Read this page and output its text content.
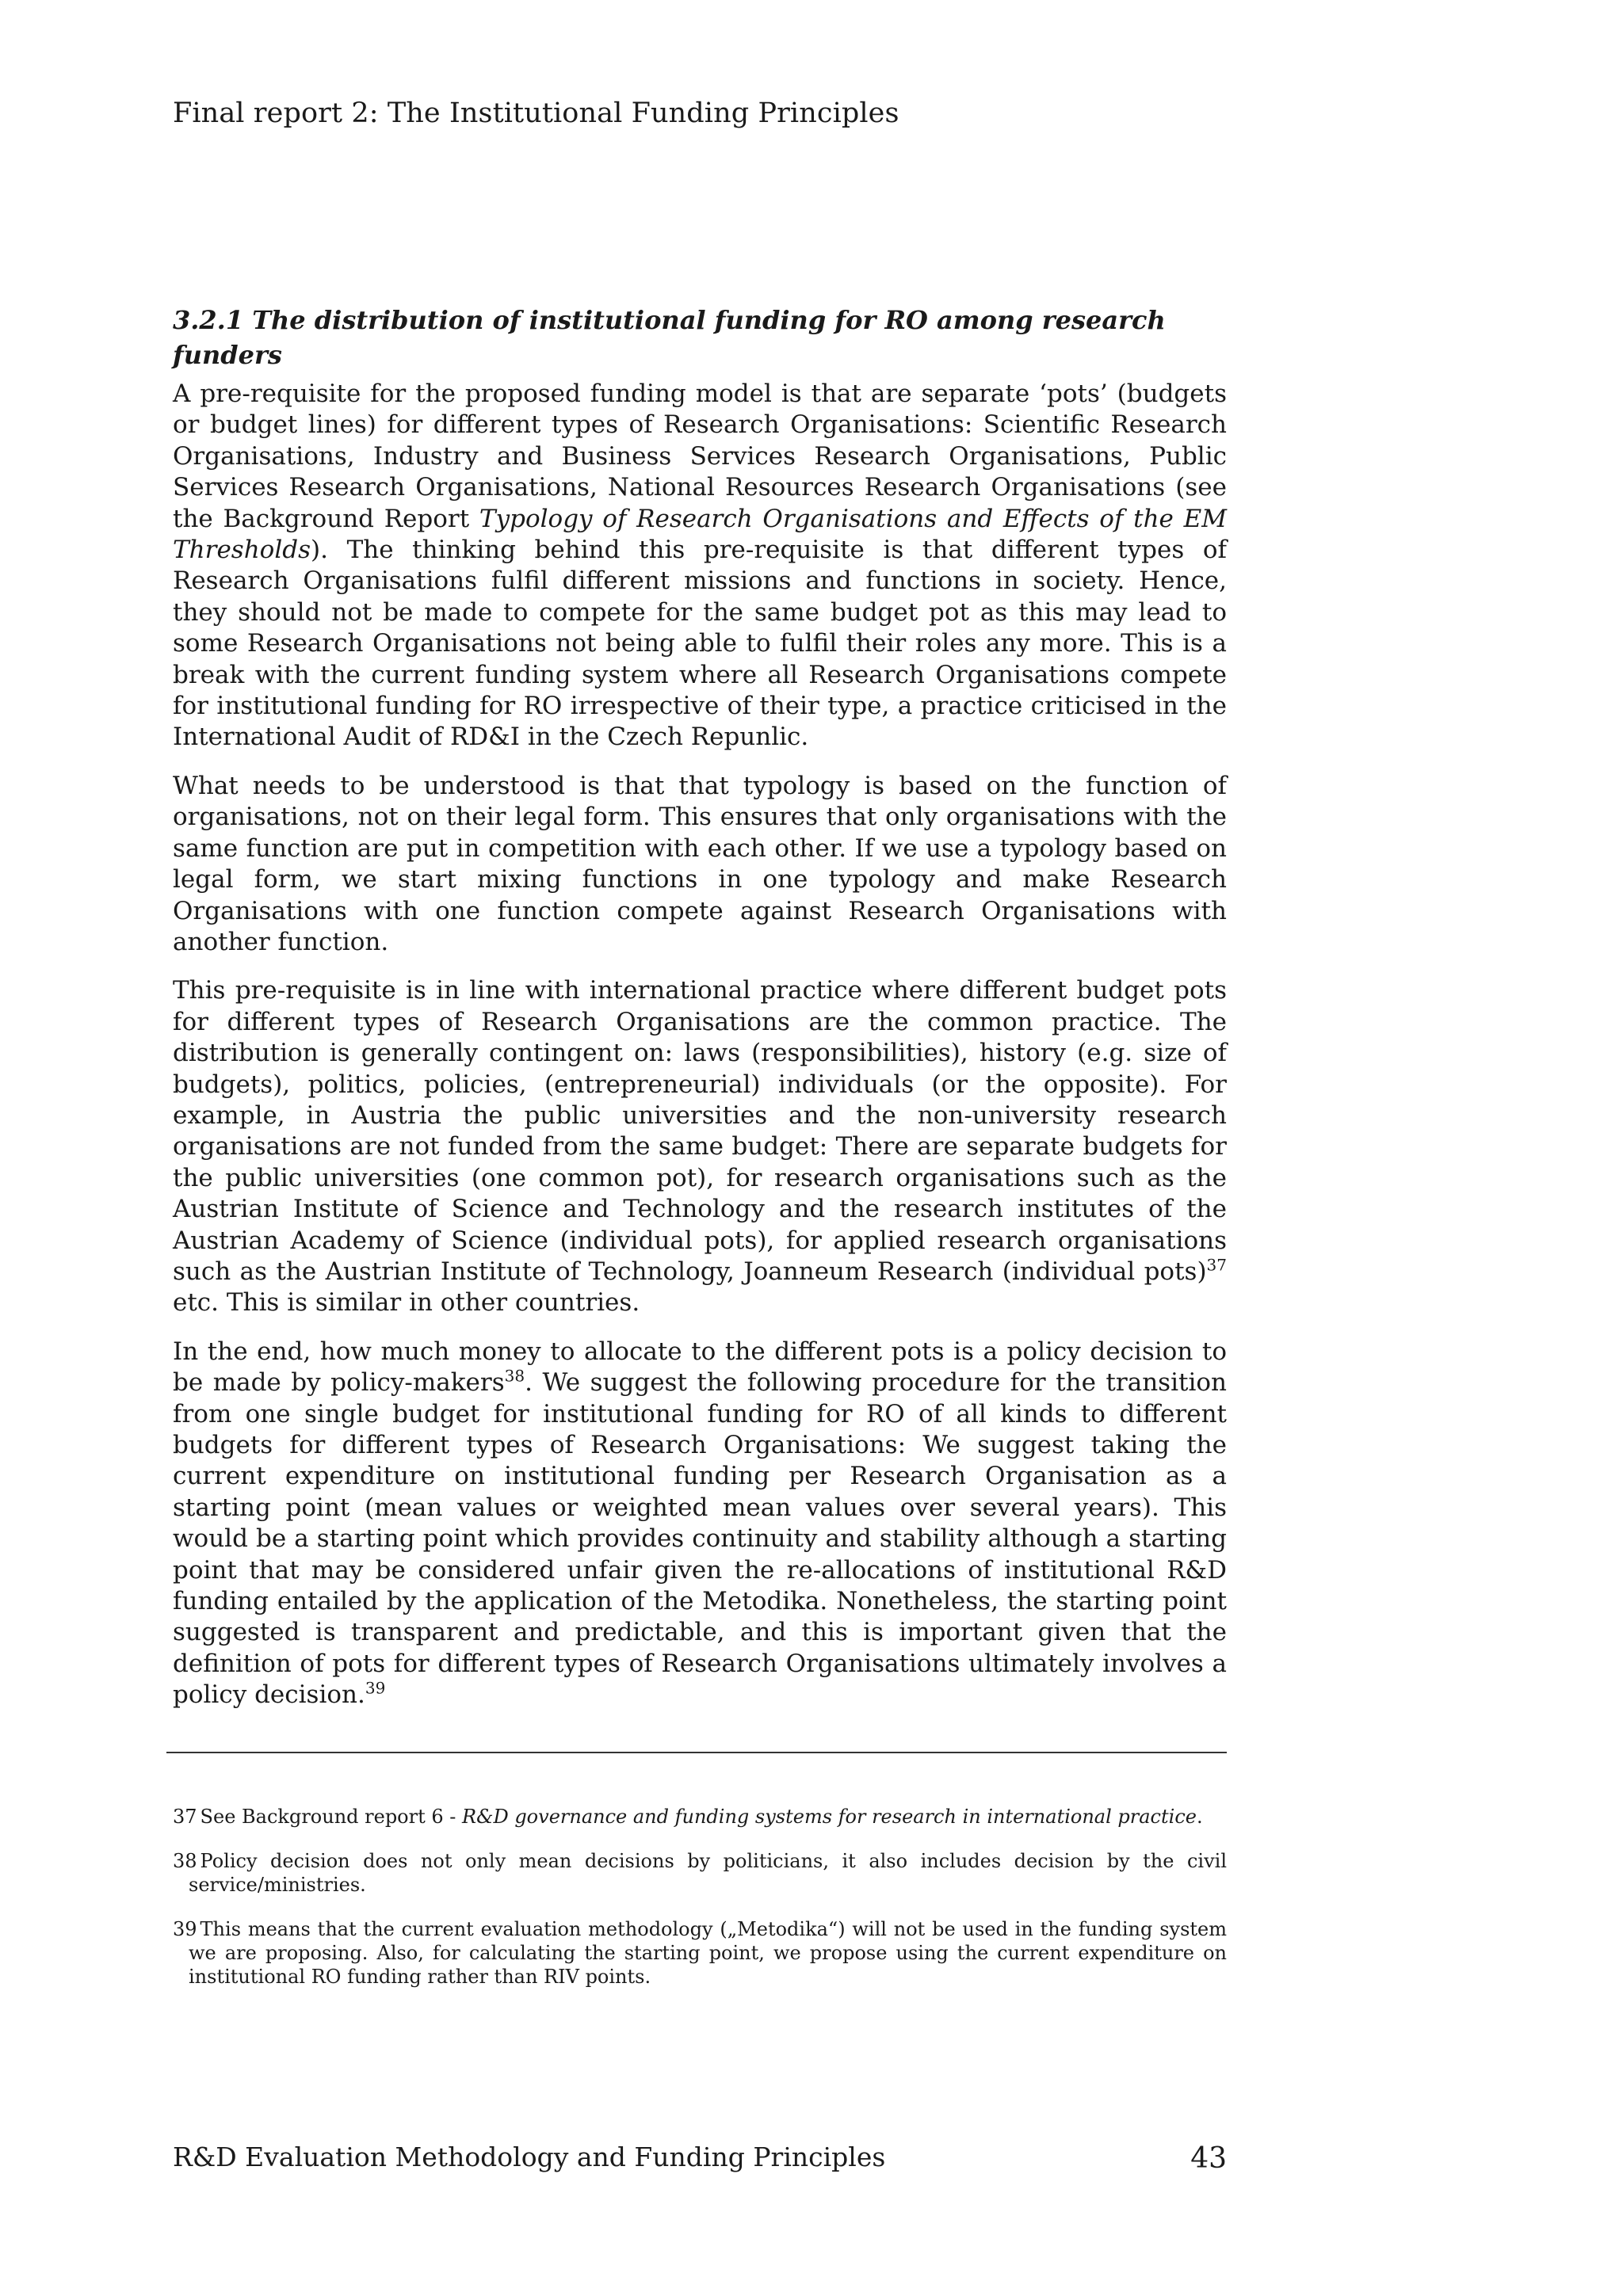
Final report 2: The Institutional Funding Principles
3.2.1 The distribution of institutional funding for RO among research funders

A pre-requisite for the proposed funding model is that are separate ‘pots’ (budgets or budget lines) for different types of Research Organisations: Scientific Research Organisations, Industry and Business Services Research Organisations, Public Services Research Organisations, National Resources Research Organisations (see the Background Report Typology of Research Organisations and Effects of the EM Thresholds). The thinking behind this pre-requisite is that different types of Research Organisations fulfil different missions and functions in society. Hence, they should not be made to compete for the same budget pot as this may lead to some Research Organisations not being able to fulfil their roles any more. This is a break with the current funding system where all Research Organisations compete for institutional funding for RO irrespective of their type, a practice criticised in the International Audit of RD&I in the Czech Repunlic.

What needs to be understood is that that typology is based on the function of organisations, not on their legal form. This ensures that only organisations with the same function are put in competition with each other. If we use a typology based on legal form, we start mixing functions in one typology and make Research Organisations with one function compete against Research Organisations with another function.

This pre-requisite is in line with international practice where different budget pots for different types of Research Organisations are the common practice. The distribution is generally contingent on: laws (responsibilities), history (e.g. size of budgets), politics, policies, (entrepreneurial) individuals (or the opposite). For example, in Austria the public universities and the non-university research organisations are not funded from the same budget: There are separate budgets for the public universities (one common pot), for research organisations such as the Austrian Institute of Science and Technology and the research institutes of the Austrian Academy of Science (individual pots), for applied research organisations such as the Austrian Institute of Technology, Joanneum Research (individual pots)$^{37}$ etc. This is similar in other countries.

In the end, how much money to allocate to the different pots is a policy decision to be made by policy-makers$^{38}$. We suggest the following procedure for the transition from one single budget for institutional funding for RO of all kinds to different budgets for different types of Research Organisations: We suggest taking the current expenditure on institutional funding per Research Organisation as a starting point (mean values or weighted mean values over several years). This would be a starting point which provides continuity and stability although a starting point that may be considered unfair given the re-allocations of institutional R&D funding entailed by the application of the Metodika. Nonetheless, the starting point suggested is transparent and predictable, and this is important given that the definition of pots for different types of Research Organisations ultimately involves a policy decision.$^{39}$

37 See Background report 6 - R&D governance and funding systems for research in international practice.

38 Policy decision does not only mean decisions by politicians, it also includes decision by the civil service/ministries.

39 This means that the current evaluation methodology („Metodika“) will not be used in the funding system we are proposing. Also, for calculating the starting point, we propose using the current expenditure on institutional RO funding rather than RIV points.

R&D Evaluation Methodology and Funding Principles	43
